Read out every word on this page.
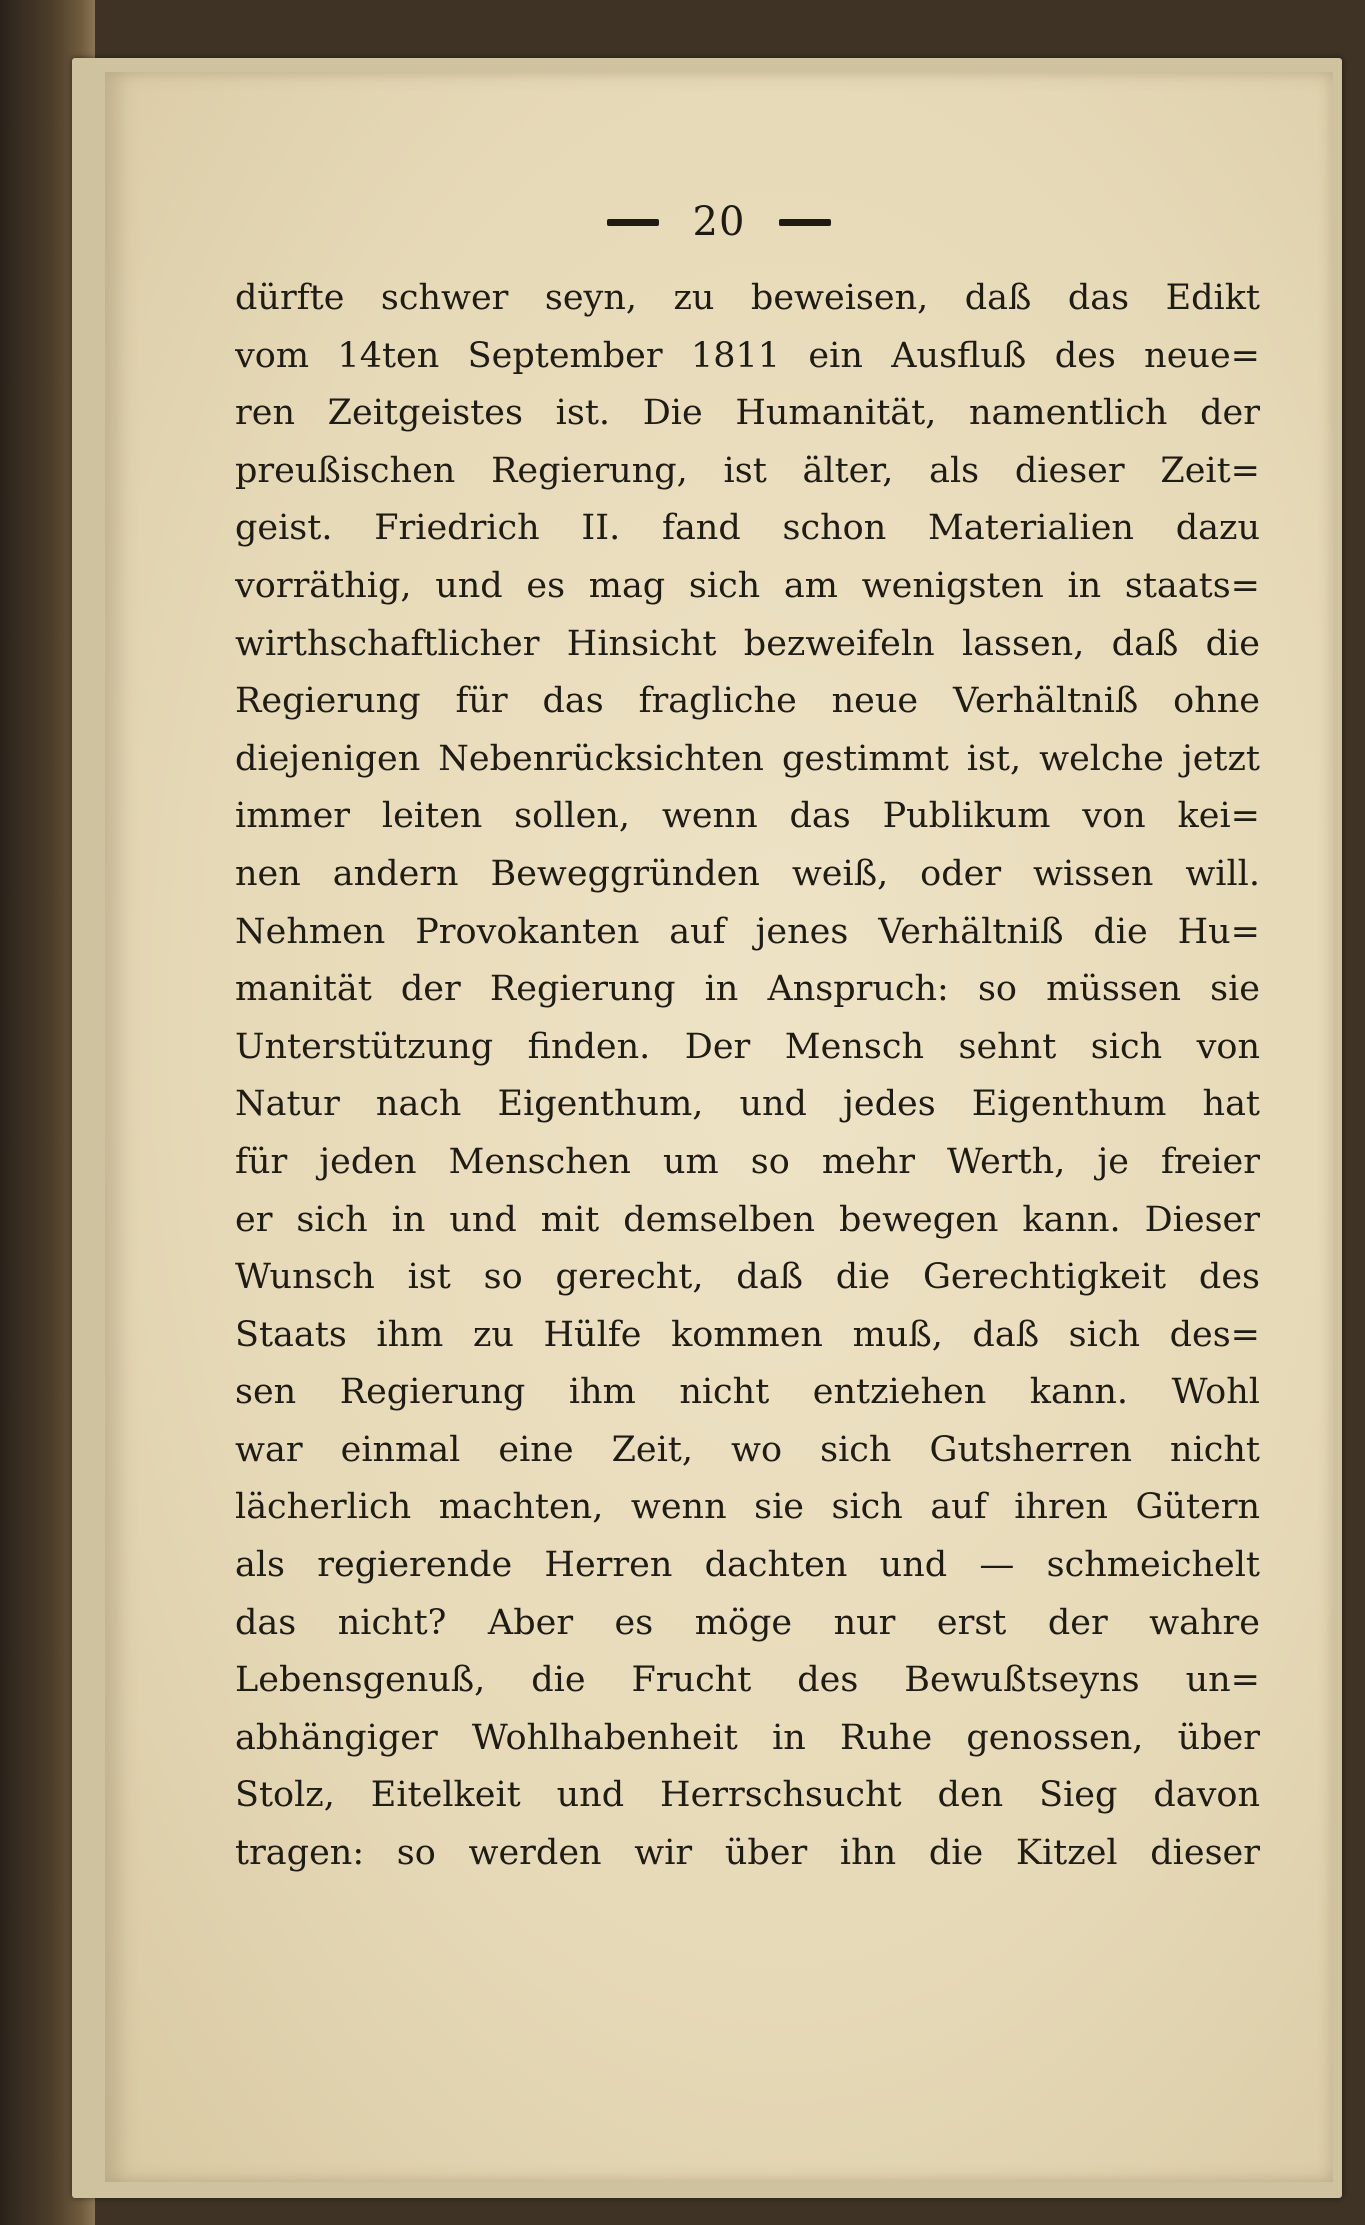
20
dürfte schwer seyn, zu beweisen, daß das Edikt
vom 14ten September 1811 ein Ausfluß des neue=
ren Zeitgeistes ist. Die Humanität, namentlich der
preußischen Regierung, ist älter, als dieser Zeit=
geist. Friedrich II. fand schon Materialien dazu
vorräthig, und es mag sich am wenigsten in staats=
wirthschaftlicher Hinsicht bezweifeln lassen, daß die
Regierung für das fragliche neue Verhältniß ohne
diejenigen Nebenrücksichten gestimmt ist, welche jetzt
immer leiten sollen, wenn das Publikum von kei=
nen andern Beweggründen weiß, oder wissen will.
Nehmen Provokanten auf jenes Verhältniß die Hu=
manität der Regierung in Anspruch: so müssen sie
Unterstützung finden. Der Mensch sehnt sich von
Natur nach Eigenthum, und jedes Eigenthum hat
für jeden Menschen um so mehr Werth, je freier
er sich in und mit demselben bewegen kann. Dieser
Wunsch ist so gerecht, daß die Gerechtigkeit des
Staats ihm zu Hülfe kommen muß, daß sich des=
sen Regierung ihm nicht entziehen kann. Wohl
war einmal eine Zeit, wo sich Gutsherren nicht
lächerlich machten, wenn sie sich auf ihren Gütern
als regierende Herren dachten und — schmeichelt
das nicht? Aber es möge nur erst der wahre
Lebensgenuß, die Frucht des Bewußtseyns un=
abhängiger Wohlhabenheit in Ruhe genossen, über
Stolz, Eitelkeit und Herrschsucht den Sieg davon
tragen: so werden wir über ihn die Kitzel dieser
